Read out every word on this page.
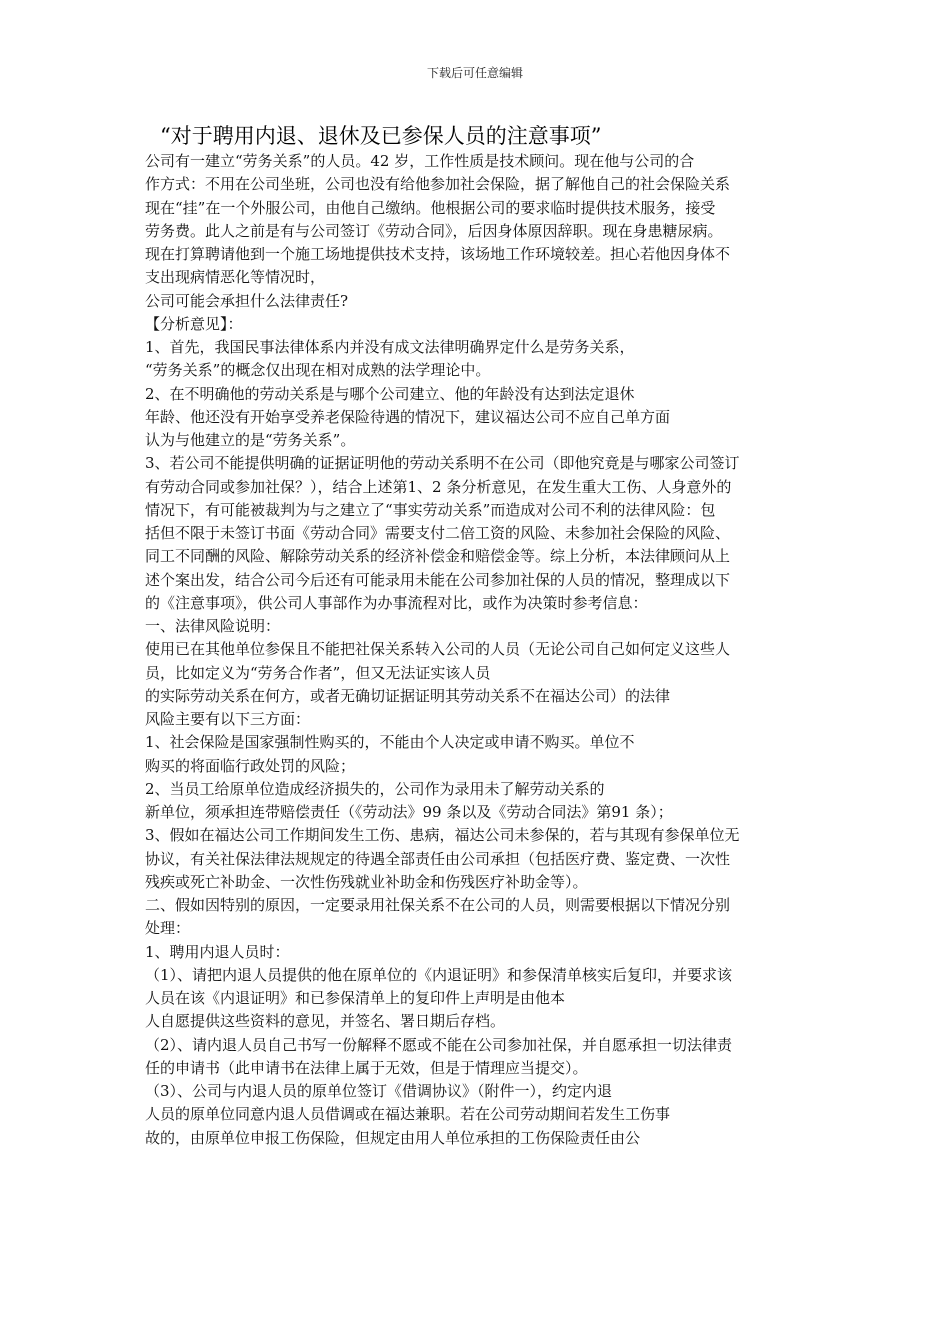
下载后可任意编辑
“对于聘用内退、退休及已参保人员的注意事项”
公司有一建立“劳务关系”的人员。42 岁，工作性质是技术顾问。现在他与公司的合
作方式：不用在公司坐班，公司也没有给他参加社会保险，据了解他自己的社会保险关系
现在“挂”在一个外服公司，由他自己缴纳。他根据公司的要求临时提供技术服务，接受
劳务费。此人之前是有与公司签订《劳动合同》，后因身体原因辞职。现在身患糖尿病。
现在打算聘请他到一个施工场地提供技术支持，该场地工作环境较差。担心若他因身体不
支出现病情恶化等情况时，
公司可能会承担什么法律责任?
【分析意见】：
1、首先，我国民事法律体系内并没有成文法律明确界定什么是劳务关系，
“劳务关系”的概念仅出现在相对成熟的法学理论中。
2、在不明确他的劳动关系是与哪个公司建立、他的年龄没有达到法定退休
年龄、他还没有开始享受养老保险待遇的情况下，建议福达公司不应自己单方面
认为与他建立的是“劳务关系”。
3、若公司不能提供明确的证据证明他的劳动关系明不在公司（即他究竟是与哪家公司签订
有劳动合同或参加社保？），结合上述第1、2 条分析意见，在发生重大工伤、人身意外的
情况下，有可能被裁判为与之建立了“事实劳动关系”而造成对公司不利的法律风险：包
括但不限于未签订书面《劳动合同》需要支付二倍工资的风险、未参加社会保险的风险、
同工不同酬的风险、解除劳动关系的经济补偿金和赔偿金等。综上分析，本法律顾问从上
述个案出发，结合公司今后还有可能录用未能在公司参加社保的人员的情况，整理成以下
的《注意事项》，供公司人事部作为办事流程对比，或作为决策时参考信息：
一、法律风险说明：
使用已在其他单位参保且不能把社保关系转入公司的人员（无论公司自己如何定义这些人
员，比如定义为“劳务合作者”，但又无法证实该人员
的实际劳动关系在何方，或者无确切证据证明其劳动关系不在福达公司）的法律
风险主要有以下三方面：
1、社会保险是国家强制性购买的，不能由个人决定或申请不购买。单位不
购买的将面临行政处罚的风险；
2、当员工给原单位造成经济损失的，公司作为录用未了解劳动关系的
新单位，须承担连带赔偿责任（《劳动法》99 条以及《劳动合同法》第91 条）；
3、假如在福达公司工作期间发生工伤、患病，福达公司未参保的，若与其现有参保单位无
协议，有关社保法律法规规定的待遇全部责任由公司承担（包括医疗费、鉴定费、一次性
残疾或死亡补助金、一次性伤残就业补助金和伤残医疗补助金等）。
二、假如因特别的原因，一定要录用社保关系不在公司的人员，则需要根据以下情况分别
处理：
1、聘用内退人员时：
（1）、请把内退人员提供的他在原单位的《内退证明》和参保清单核实后复印，并要求该
人员在该《内退证明》和已参保清单上的复印件上声明是由他本
人自愿提供这些资料的意见，并签名、署日期后存档。
（2）、请内退人员自己书写一份解释不愿或不能在公司参加社保，并自愿承担一切法律责
任的申请书（此申请书在法律上属于无效，但是于情理应当提交）。
（3）、公司与内退人员的原单位签订《借调协议》（附件一），约定内退
人员的原单位同意内退人员借调或在福达兼职。若在公司劳动期间若发生工伤事
故的，由原单位申报工伤保险，但规定由用人单位承担的工伤保险责任由公
